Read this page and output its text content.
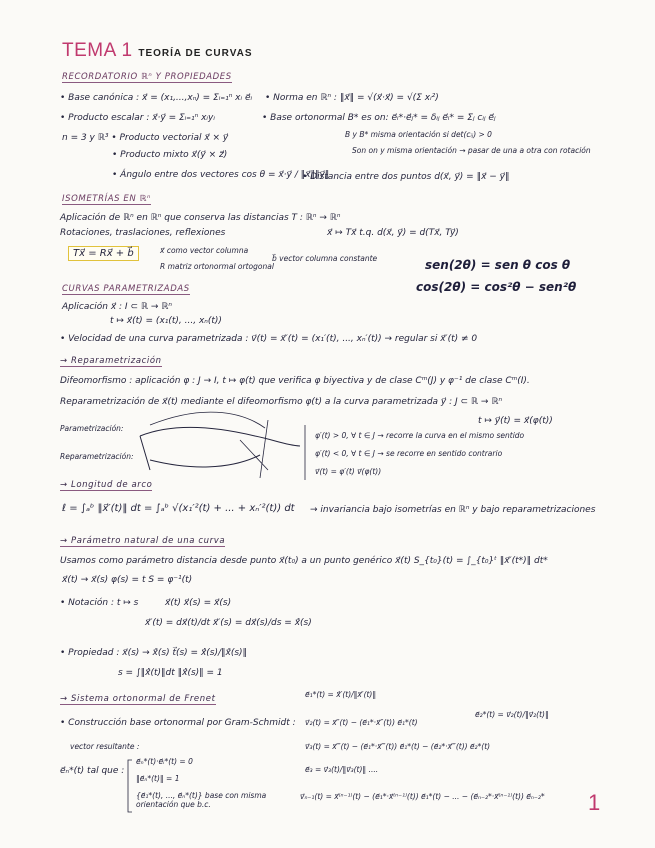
TEMA 1 TEORÍA DE CURVAS
RECORDATORIO ℝⁿ Y PROPIEDADES
• Base canónica : x⃗ = (x₁,...,xₙ) = Σᵢ₌₁ⁿ xᵢ e⃗ᵢ • Norma en ℝⁿ : ‖x⃗‖ = √(x⃗·x⃗) = √(Σ xᵢ²)
• Producto escalar : x⃗·y⃗ = Σᵢ₌₁ⁿ xᵢyᵢ	• Base ortonormal B* es on: e⃗ᵢ*·e⃗ⱼ* = δᵢⱼ e⃗ᵢ* = Σⱼ cᵢⱼ e⃗ⱼ
B y B* misma orientación si det(cᵢⱼ) > 0
Son on y misma orientación → pasar de una a otra con rotación
n = 3 y ℝ³ • Producto vectorial x⃗ × y⃗
• Producto mixto x⃗(y⃗ × z⃗)
• Ángulo entre dos vectores cos θ = x⃗·y⃗ / ‖x⃗‖‖y⃗‖
• Distancia entre dos puntos d(x⃗, y⃗) = ‖x⃗ − y⃗‖
ISOMETRÍAS EN ℝⁿ
Aplicación de ℝⁿ en ℝⁿ que conserva las distancias T : ℝⁿ → ℝⁿ
Rotaciones, traslaciones, reflexiones	x⃗ ↦ Tx⃗ t.q. d(x⃗, y⃗) = d(Tx⃗, Ty⃗)
Tx⃗ = Rx⃗ + b⃗	x⃗ como vector columna
R matriz ortonormal ortogonal
b⃗ vector columna constante	sen(2θ) = sen θ cos θ
cos(2θ) = cos²θ − sen²θ
CURVAS PARAMETRIZADAS
Aplicación x⃗ : I ⊂ ℝ → ℝⁿ
t ↦ x⃗(t) = (x₁(t), ..., xₙ(t))
• Velocidad de una curva parametrizada : v⃗(t) = x⃗′(t) = (x₁′(t), ..., xₙ′(t)) → regular si x⃗′(t) ≠ 0
→ Reparametrización
Difeomorfismo : aplicación φ : J → I, t ↦ φ(t) que verifica φ biyectiva y de clase Cᵐ(J) y φ⁻¹ de clase Cᵐ(I).
Reparametrización de x⃗(t) mediante el difeomorfismo φ(t) a la curva parametrizada y⃗ : J ⊂ ℝ → ℝⁿ
t ↦ y⃗(t) = x⃗(φ(t))
Parametrización:
Reparametrización:
φ′(t) > 0, ∀ t ∈ J → recorre la curva en el mismo sentido
φ′(t) < 0, ∀ t ∈ J → se recorre en sentido contrario
v⃗(t) = φ′(t) v⃗(φ(t))
→ Longitud de arco
ℓ = ∫ₐᵇ ‖x⃗′(t)‖ dt = ∫ₐᵇ √(x₁′²(t) + ... + xₙ′²(t)) dt → invariancia bajo isometrías en ℝⁿ y bajo reparametrizaciones
→ Parámetro natural de una curva
Usamos como parámetro distancia desde punto x⃗(t₀) a un punto genérico x⃗(t) S_{t₀}(t) = ∫_{t₀}ᵗ ‖x⃗′(t*)‖ dt*
x⃗(t) → x⃗(s) φ(s) = t S = φ⁻¹(t)
• Notación : t ↦ s	x⃗(t) x⃗(s) = x⃗(s)
x⃗′(t) = dx⃗(t)/dt x⃗′(s) = dx⃗(s)/ds = ẋ⃗(s)
• Propiedad : x⃗(s) → ẋ⃗(s) t⃗(s) = ẋ⃗(s)/‖ẋ⃗(s)‖
s = ∫‖ẋ⃗(t)‖dt ‖ẋ⃗(s)‖ = 1
→ Sistema ortonormal de Frenet
• Construcción base ortonormal por Gram-Schmidt :
vector resultante :
e⃗ₙ*(t) tal que :
e⃗ₙ*(t)·e⃗ᵢ*(t) = 0
‖e⃗ₙ*(t)‖ = 1
{e⃗₁*(t), ..., e⃗ₙ*(t)} base con misma orientación que b.c.
e⃗₁*(t) = ẋ⃗′(t)/‖x⃗′(t)‖
v⃗₂(t) = x⃗″(t) − (e⃗₁*·x⃗″(t)) e⃗₁*(t)
e⃗₂*(t) = v⃗₂(t)/‖v⃗₂(t)‖
v⃗₃(t) = x⃗‴(t) − (e⃗₁*·x⃗‴(t)) e⃗₁*(t) − (e⃗₂*·x⃗‴(t)) e⃗₂*(t)
e⃗₃ = v⃗₃(t)/‖v⃗₃(t)‖ ....
v⃗ₙ₋₁(t) = x⃗⁽ⁿ⁻¹⁾(t) − (e⃗₁*·x⃗⁽ⁿ⁻¹⁾(t)) e⃗₁*(t) − ... − (e⃗ₙ₋₂*·x⃗⁽ⁿ⁻¹⁾(t)) e⃗ₙ₋₂* 1
